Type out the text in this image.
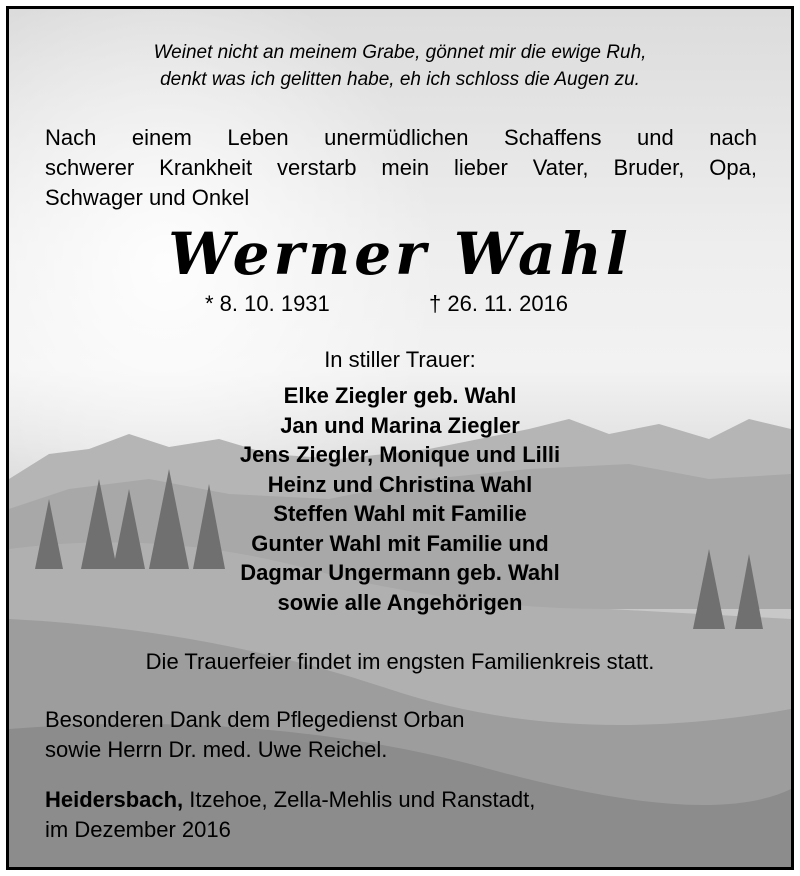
Weinet nicht an meinem Grabe, gönnet mir die ewige Ruh,
denkt was ich gelitten habe, eh ich schloss die Augen zu.
Nach einem Leben unermüdlichen Schaffens und nach
schwerer Krankheit verstarb mein lieber Vater, Bruder, Opa,
Schwager und Onkel
Werner Wahl
* 8. 10. 1931	† 26. 11. 2016
In stiller Trauer:
Elke Ziegler geb. Wahl
Jan und Marina Ziegler
Jens Ziegler, Monique und Lilli
Heinz und Christina Wahl
Steffen Wahl mit Familie
Gunter Wahl mit Familie und
Dagmar Ungermann geb. Wahl
sowie alle Angehörigen
Die Trauerfeier findet im engsten Familienkreis statt.
Besonderen Dank dem Pflegedienst Orban
sowie Herrn Dr. med. Uwe Reichel.
Heidersbach, Itzehoe, Zella-Mehlis und Ranstadt,
im Dezember 2016
